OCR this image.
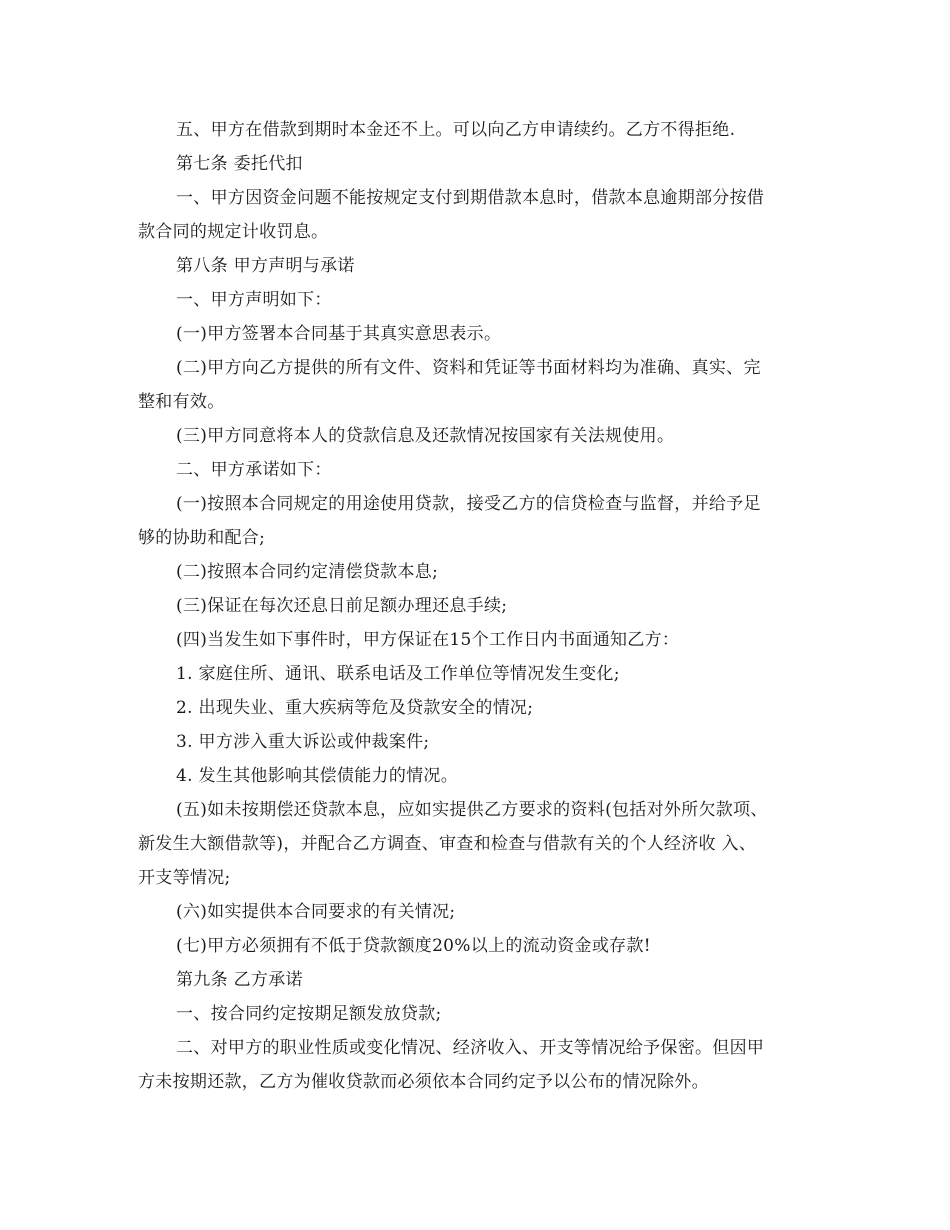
五、甲方在借款到期时本金还不上。可以向乙方申请续约。乙方不得拒绝.
第七条 委托代扣
一、甲方因资金问题不能按规定支付到期借款本息时，借款本息逾期部分按借
款合同的规定计收罚息。
第八条 甲方声明与承诺
一、甲方声明如下：
(一)甲方签署本合同基于其真实意思表示。
(二)甲方向乙方提供的所有文件、资料和凭证等书面材料均为准确、真实、完
整和有效。
(三)甲方同意将本人的贷款信息及还款情况按国家有关法规使用。
二、甲方承诺如下：
(一)按照本合同规定的用途使用贷款，接受乙方的信贷检查与监督，并给予足
够的协助和配合;
(二)按照本合同约定清偿贷款本息;
(三)保证在每次还息日前足额办理还息手续;
(四)当发生如下事件时，甲方保证在15个工作日内书面通知乙方：
1. 家庭住所、通讯、联系电话及工作单位等情况发生变化;
2. 出现失业、重大疾病等危及贷款安全的情况;
3. 甲方涉入重大诉讼或仲裁案件;
4. 发生其他影响其偿债能力的情况。
(五)如未按期偿还贷款本息，应如实提供乙方要求的资料(包括对外所欠款项、
新发生大额借款等)，并配合乙方调查、审查和检查与借款有关的个人经济收 入、
开支等情况;
(六)如实提供本合同要求的有关情况;
(七)甲方必须拥有不低于贷款额度20%以上的流动资金或存款!
第九条 乙方承诺
一、按合同约定按期足额发放贷款;
二、对甲方的职业性质或变化情况、经济收入、开支等情况给予保密。但因甲
方未按期还款，乙方为催收贷款而必须依本合同约定予以公布的情况除外。
